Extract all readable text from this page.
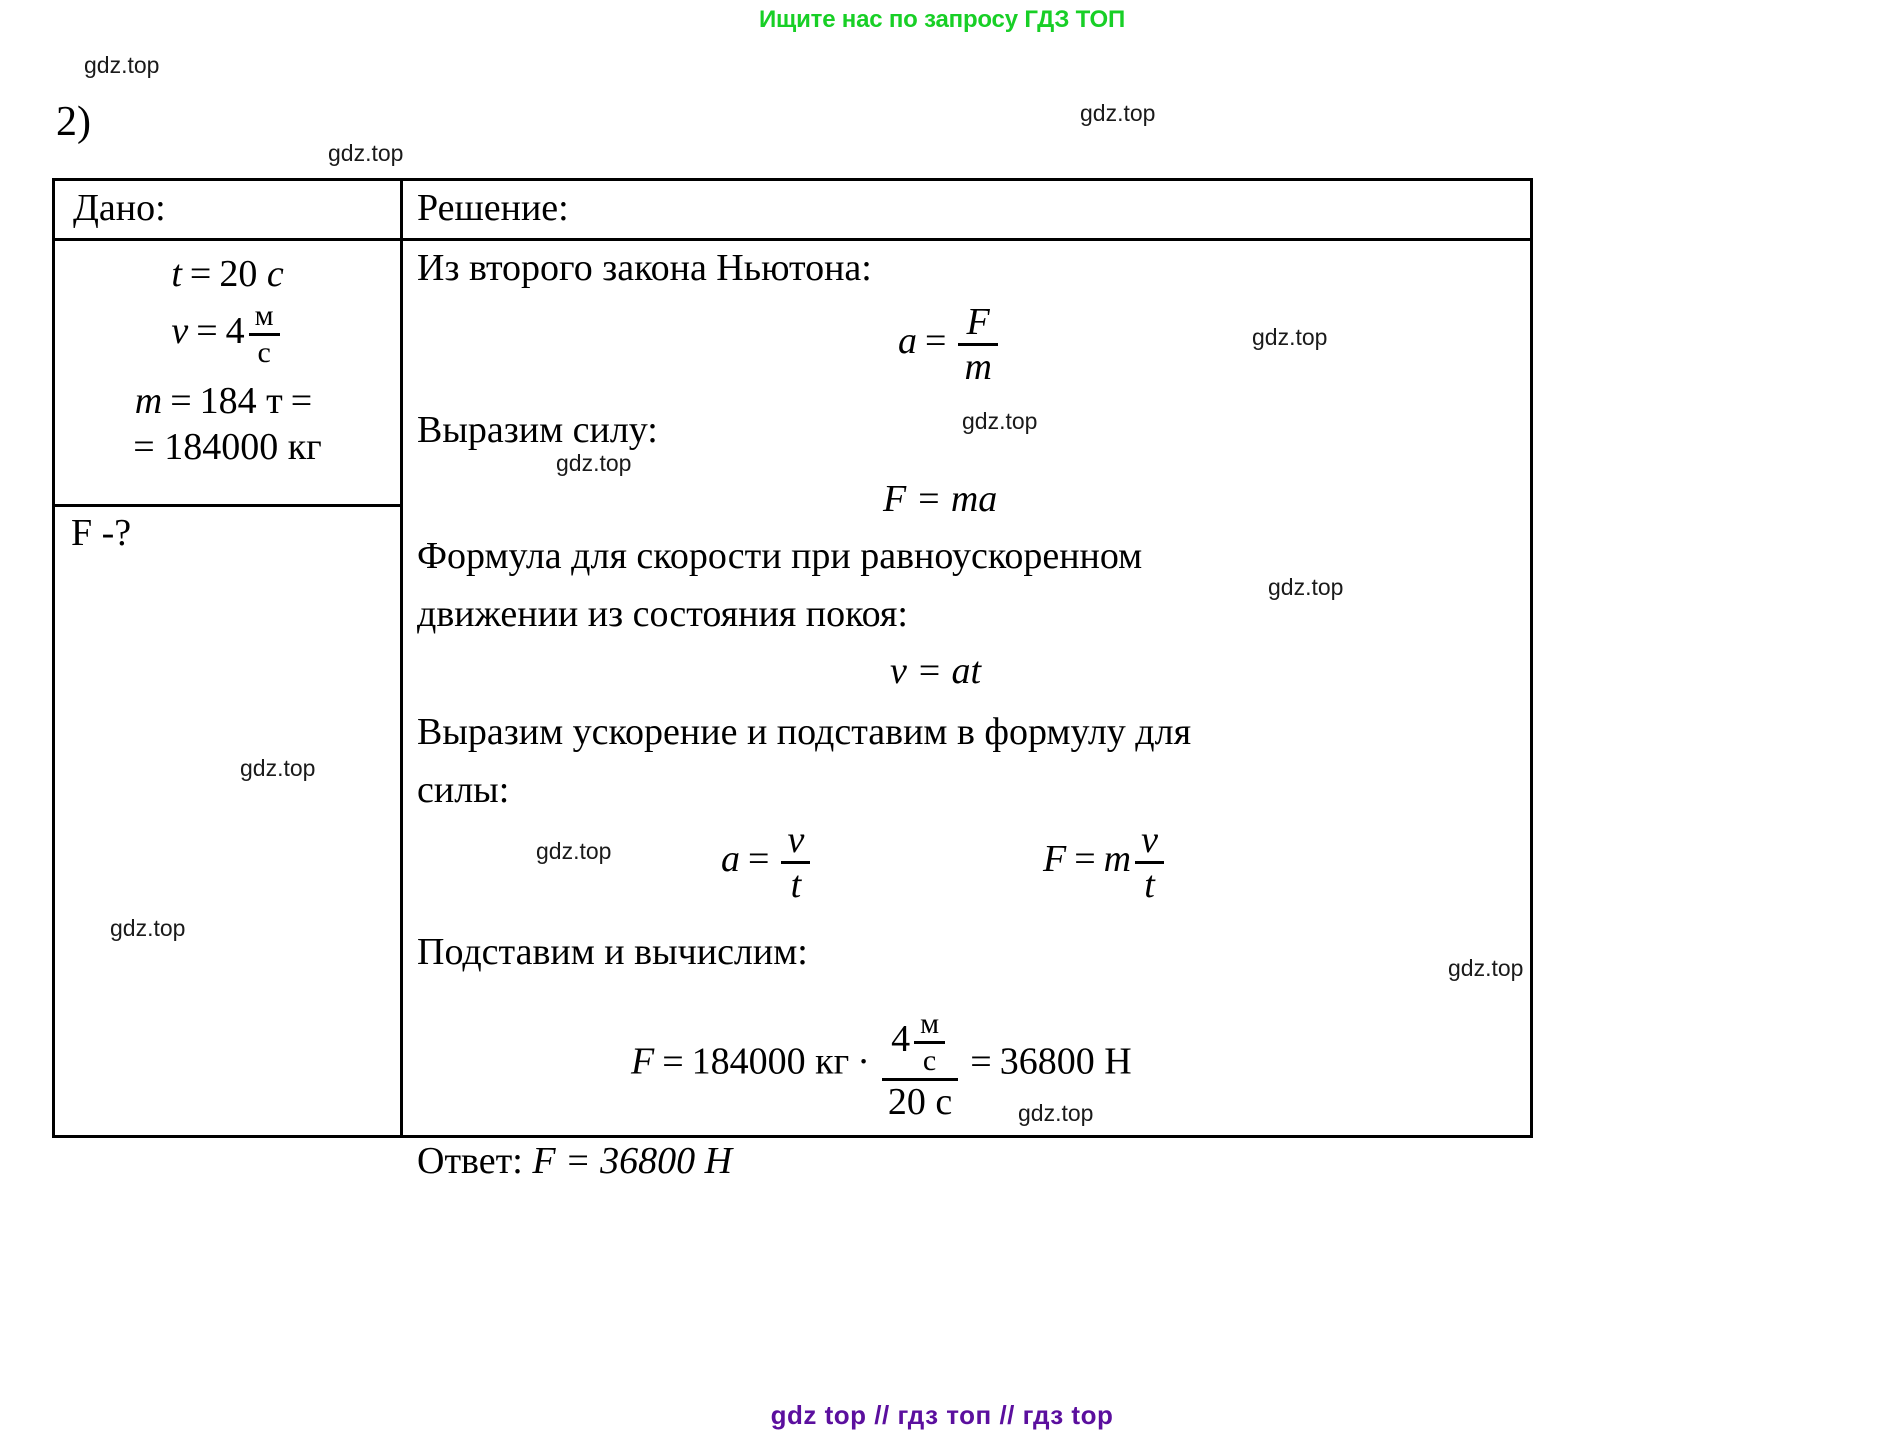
Ищите нас по запросу ГДЗ ТОП
2)
Дано:
t = 20 c
$v = 4 \frac{м}{с}$
m = 184 т =
= 184000 кг
F -?
Решение:
Из второго закона Ньютона:
$a = \frac{F}{m}$
Выразим силу:
F = ma
Формула для скорости при равноускоренном
движении из состояния покоя:
v = at
Выразим ускорение и подставим в формулу для
силы:
$a = \frac{v}{t}$	F = m $\frac{v}{t}$
Подставим и вычислим:
F = 184000 кг · $\frac{4 \frac{м}{с}}{20 с} = 36800$ Н
Ответ: F = 36800 Н
gdz.top
gdz.top
gdz.top
gdz.top
gdz.top
gdz.top
gdz.top
gdz.top
gdz.top
gdz.top
gdz.top
gdz.top
gdz top // гдз топ // гдз top
